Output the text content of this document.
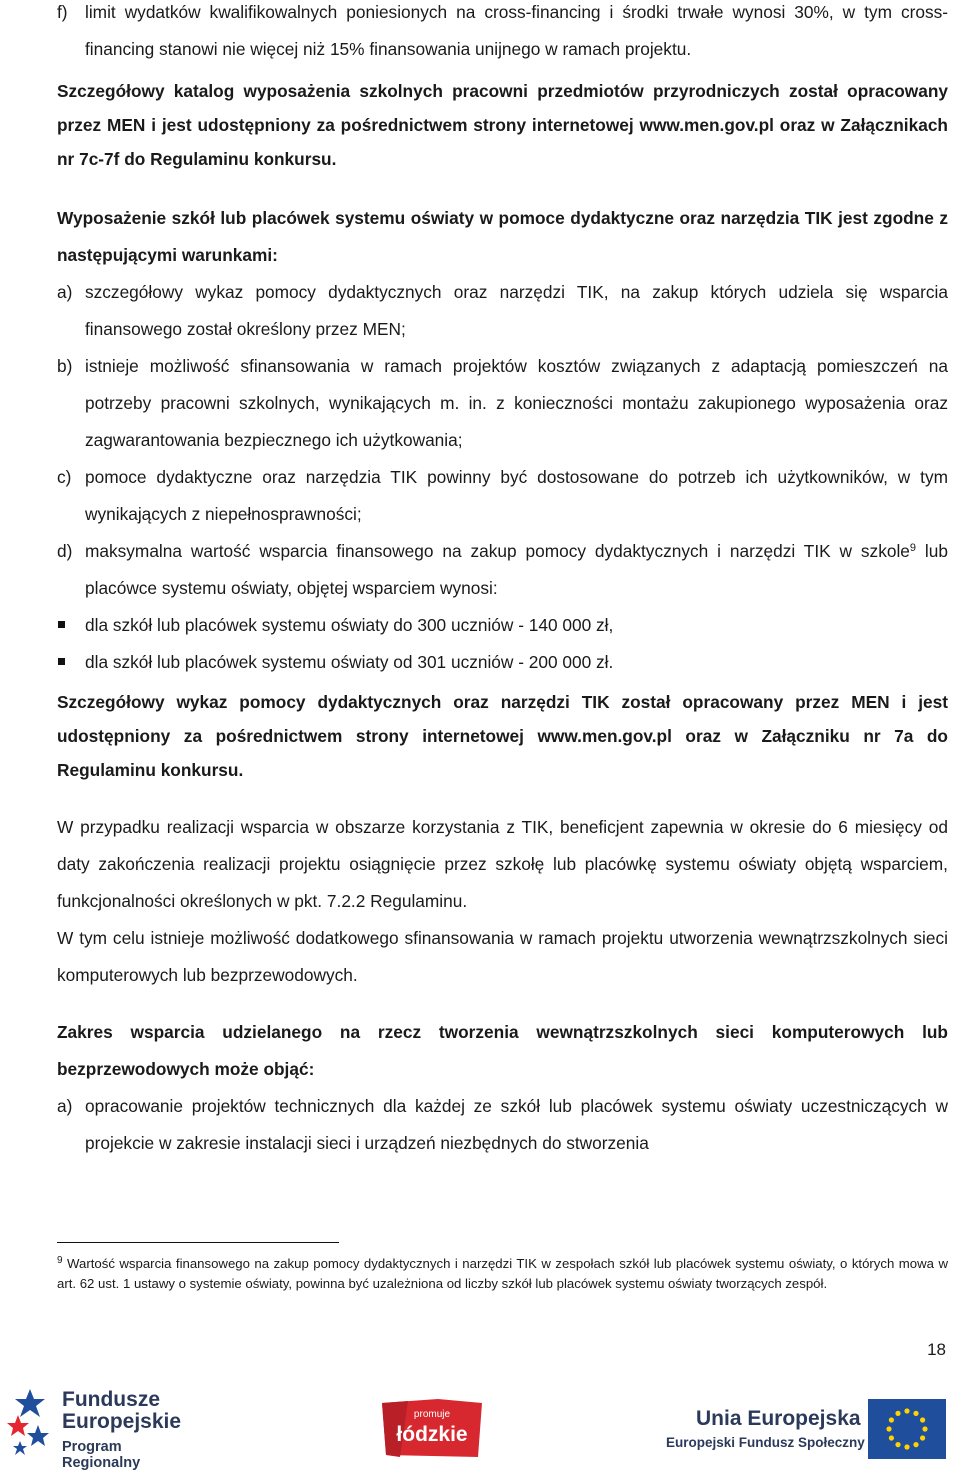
f) limit wydatków kwalifikowalnych poniesionych na cross-financing i środki trwałe wynosi 30%, w tym cross-financing stanowi nie więcej niż 15% finansowania unijnego w ramach projektu.

Szczegółowy katalog wyposażenia szkolnych pracowni przedmiotów przyrodniczych został opracowany przez MEN i jest udostępniony za pośrednictwem strony internetowej www.men.gov.pl oraz w Załącznikach nr 7c-7f do Regulaminu konkursu.

Wyposażenie szkół lub placówek systemu oświaty w pomoce dydaktyczne oraz narzędzia TIK jest zgodne z następującymi warunkami:

a) szczegółowy wykaz pomocy dydaktycznych oraz narzędzi TIK, na zakup których udziela się wsparcia finansowego został określony przez MEN;

b) istnieje możliwość sfinansowania w ramach projektów kosztów związanych z adaptacją pomieszczeń na potrzeby pracowni szkolnych, wynikających m. in. z konieczności montażu zakupionego wyposażenia oraz zagwarantowania bezpiecznego ich użytkowania;

c) pomoce dydaktyczne oraz narzędzia TIK powinny być dostosowane do potrzeb ich użytkowników, w tym wynikających z niepełnosprawności;

d) maksymalna wartość wsparcia finansowego na zakup pomocy dydaktycznych i narzędzi TIK w szkole$^9$ lub placówce systemu oświaty, objętej wsparciem wynosi:

dla szkół lub placówek systemu oświaty do 300 uczniów - 140 000 zł,

dla szkół lub placówek systemu oświaty od 301 uczniów - 200 000 zł.

Szczegółowy wykaz pomocy dydaktycznych oraz narzędzi TIK został opracowany przez MEN i jest udostępniony za pośrednictwem strony internetowej www.men.gov.pl oraz w Załączniku nr 7a do Regulaminu konkursu.

W przypadku realizacji wsparcia w obszarze korzystania z TIK, beneficjent zapewnia w okresie do 6 miesięcy od daty zakończenia realizacji projektu osiągnięcie przez szkołę lub placówkę systemu oświaty objętą wsparciem, funkcjonalności określonych w pkt. 7.2.2 Regulaminu.

W tym celu istnieje możliwość dodatkowego sfinansowania w ramach projektu utworzenia wewnątrzszkolnych sieci komputerowych lub bezprzewodowych.

Zakres wsparcia udzielanego na rzecz tworzenia wewnątrzszkolnych sieci komputerowych lub bezprzewodowych może objąć:

a) opracowanie projektów technicznych dla każdej ze szkół lub placówek systemu oświaty uczestniczących w projekcie w zakresie instalacji sieci i urządzeń niezbędnych do stworzenia

$^9$ Wartość wsparcia finansowego na zakup pomocy dydaktycznych i narzędzi TIK w zespołach szkół lub placówek systemu oświaty, o których mowa w art. 62 ust. 1 ustawy o systemie oświaty, powinna być uzależniona od liczby szkół lub placówek systemu oświaty tworzących zespół.
18
Fundusze
Europejskie
Program Regionalny
promuje
łódzkie
Unia Europejska
Europejski Fundusz Społeczny
